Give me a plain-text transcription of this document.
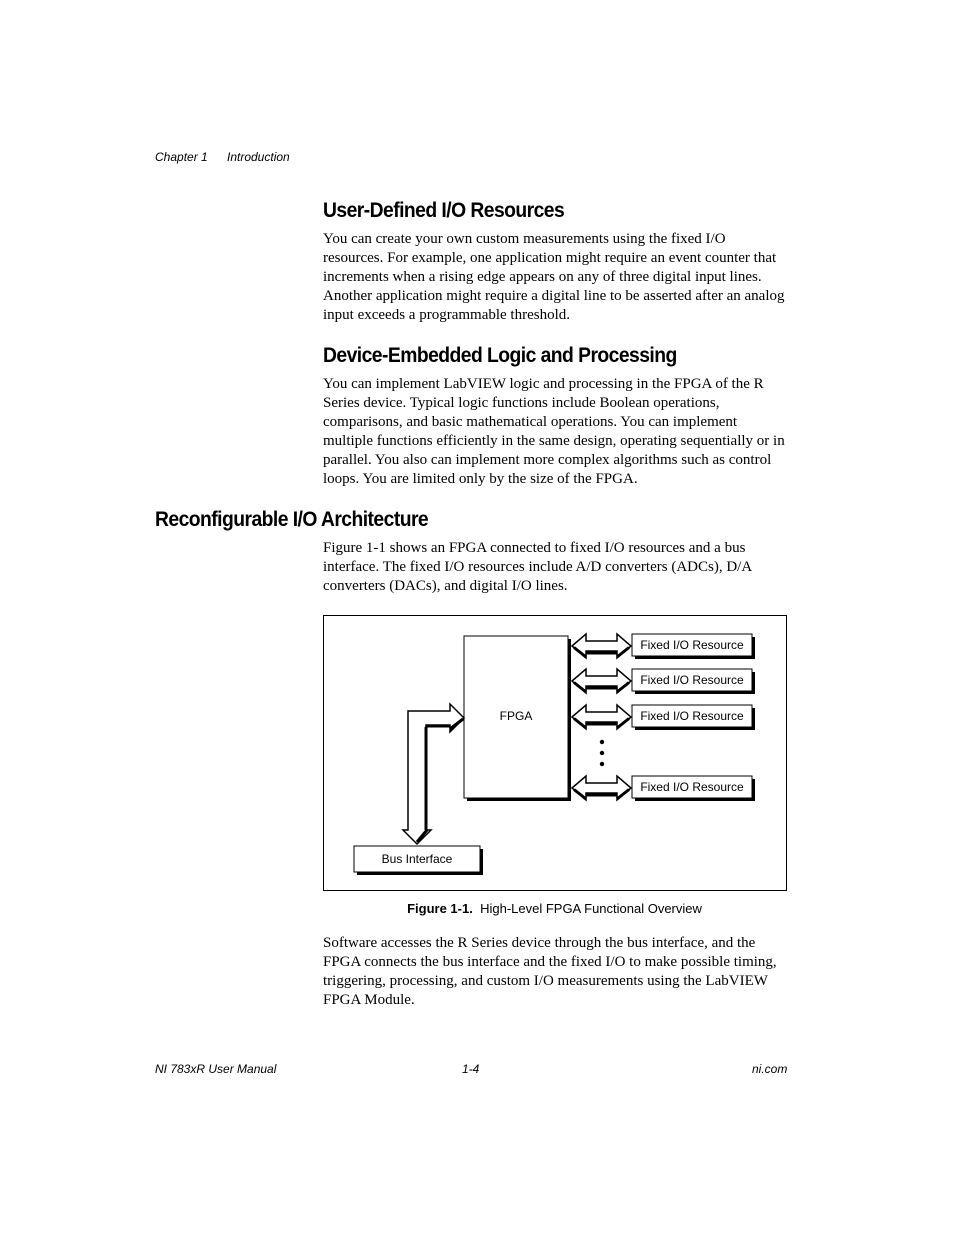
Chapter 1 Introduction
User-Defined I/O Resources

You can create your own custom measurements using the fixed I/O resources. For example, one application might require an event counter that increments when a rising edge appears on any of three digital input lines. Another application might require a digital line to be asserted after an analog input exceeds a programmable threshold.

Device-Embedded Logic and Processing

You can implement LabVIEW logic and processing in the FPGA of the R Series device. Typical logic functions include Boolean operations, comparisons, and basic mathematical operations. You can implement multiple functions efficiently in the same design, operating sequentially or in parallel. You also can implement more complex algorithms such as control loops. You are limited only by the size of the FPGA.

Reconfigurable I/O Architecture

Figure 1-1 shows an FPGA connected to fixed I/O resources and a bus interface. The fixed I/O resources include A/D converters (ADCs), D/A converters (DACs), and digital I/O lines.

FPGA
Bus Interface
Fixed I/O Resource
Fixed I/O Resource
Fixed I/O Resource
Fixed I/O Resource
Figure 1-1. High-Level FPGA Functional Overview

Software accesses the R Series device through the bus interface, and the FPGA connects the bus interface and the fixed I/O to make possible timing, triggering, processing, and custom I/O measurements using the LabVIEW FPGA Module.

NI 783xR User Manual	1-4	ni.com
